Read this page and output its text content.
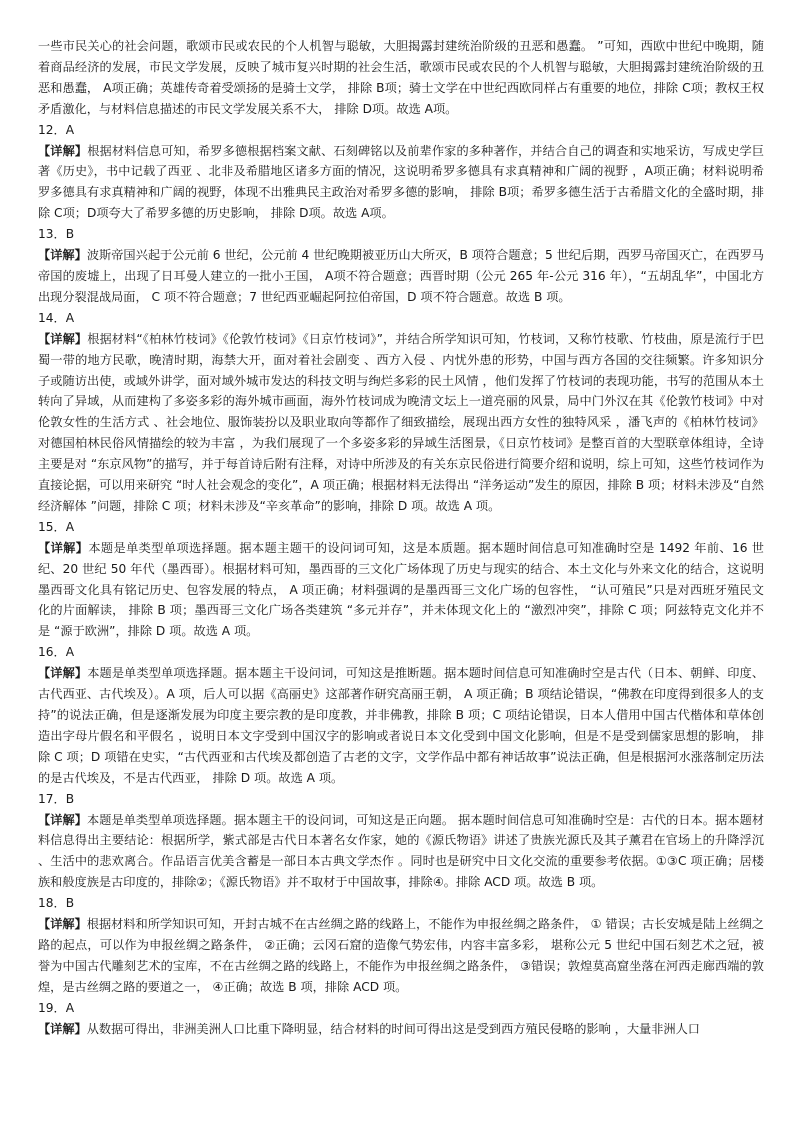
一些市民关心的社会问题，歌颂市民或农民的个人机智与聪敏，大胆揭露封建统治阶级的丑恶和愚蠢。 ”可知，西欧中世纪中晚期，随着商品经济的发展，市民文学发展，反映了城市复兴时期的社会生活，歌颂市民或农民的个人机智与聪敏，大胆揭露封建统治阶级的丑恶和愚蠢， A项正确；英雄传奇着受颂扬的是骑士文学， 排除 B项；骑士文学在中世纪西欧同样占有重要的地位，排除 C项；教权王权矛盾激化，与材料信息描述的市民文学发展关系不大， 排除 D项。故选 A项。

12．A

【详解】根据材料信息可知，希罗多德根据档案文献、石刻碑铭以及前辈作家的多种著作，并结合自己的调查和实地采访，写成史学巨著《历史》，书中记载了西亚 、北非及希腊地区诸多方面的情况，这说明希罗多德具有求真精神和广阔的视野 ，A项正确；材料说明希罗多德具有求真精神和广阔的视野，体现不出雅典民主政治对希罗多德的影响， 排除 B项；希罗多德生活于古希腊文化的全盛时期，排除 C项；D项夸大了希罗多德的历史影响， 排除 D项。故选 A项。

13．B

【详解】波斯帝国兴起于公元前 6 世纪，公元前 4 世纪晚期被亚历山大所灭，B 项符合题意；5 世纪后期，西罗马帝国灭亡，在西罗马帝国的废墟上，出现了日耳曼人建立的一批小王国， A项不符合题意；西晋时期（公元 265 年-公元 316 年），“五胡乱华”，中国北方出现分裂混战局面， C 项不符合题意；7 世纪西亚崛起阿拉伯帝国，D 项不符合题意。故选 B 项。

14．A

【详解】根据材料“《柏林竹枝词》《伦敦竹枝词》《日京竹枝词》”，并结合所学知识可知，竹枝词，又称竹枝歌、竹枝曲，原是流行于巴蜀一带的地方民歌，晚清时期，海禁大开，面对着社会剧变 、西方入侵 、内忧外患的形势，中国与西方各国的交往频繁。许多知识分子或随访出使，或域外讲学，面对域外城市发达的科技文明与绚烂多彩的民土风情 ，他们发挥了竹枝词的表现功能，书写的范围从本土转向了异域，从而建构了多姿多彩的海外城市画面，海外竹枝词成为晚清文坛上一道亮丽的风景，局中门外汉在其《伦敦竹枝词》中对伦敦女性的生活方式 、社会地位、服饰装扮以及职业取向等都作了细致描绘，展现出西方女性的独特风采 ，潘飞声的《柏林竹枝词》对德国柏林民俗风情描绘的较为丰富 ，为我们展现了一个多姿多彩的异域生活图景，《日京竹枝词》是整百首的大型联章体组诗，全诗主要是对 “东京风物”的描写，并于每首诗后附有注释，对诗中所涉及的有关东京民俗进行简要介绍和说明，综上可知，这些竹枝词作为直接论据，可以用来研究 “时人社会观念的变化”，A 项正确；根据材料无法得出 “洋务运动”发生的原因，排除 B 项；材料未涉及“自然经济解体 ”问题，排除 C 项；材料未涉及“辛亥革命”的影响，排除 D 项。故选 A 项。

15．A

【详解】本题是单类型单项选择题。据本题主题干的设问词可知，这是本质题。据本题时间信息可知准确时空是 1492 年前、16 世纪、20 世纪 50 年代（墨西哥）。根据材料可知，墨西哥的三文化广场体现了历史与现实的结合、本土文化与外来文化的结合，这说明墨西哥文化具有铭记历史、包容发展的特点， A 项正确；材料强调的是墨西哥三文化广场的包容性， “认可殖民”只是对西班牙殖民文化的片面解读， 排除 B 项；墨西哥三文化广场各类建筑 “多元并存”，并未体现文化上的 “激烈冲突”，排除 C 项；阿兹特克文化并不是 “源于欧洲”，排除 D 项。故选 A 项。

16．A

【详解】本题是单类型单项选择题。据本题主干设问词，可知这是推断题。据本题时间信息可知准确时空是古代（日本、朝鲜、印度、古代西亚、古代埃及）。A 项，后人可以据《高丽史》这部著作研究高丽王朝， A 项正确；B 项结论错误，“佛教在印度得到很多人的支持”的说法正确，但是逐渐发展为印度主要宗教的是印度教，并非佛教，排除 B 项；C 项结论错误，日本人借用中国古代楷体和草体创造出字母片假名和平假名 ，说明日本文字受到中国汉字的影响或者说日本文化受到中国文化影响，但是不是受到儒家思想的影响， 排除 C 项；D 项错在史实，“古代西亚和古代埃及都创造了古老的文字，文学作品中都有神话故事”说法正确，但是根据河水涨落制定历法的是古代埃及，不是古代西亚， 排除 D 项。故选 A 项。

17．B

【详解】本题是单类型单项选择题。据本题主干的设问词，可知这是正向题。 据本题时间信息可知准确时空是：古代的日本。据本题材料信息得出主要结论：根据所学，紫式部是古代日本著名女作家，她的《源氏物语》讲述了贵族光源氏及其子薰君在官场上的升降浮沉 、生活中的悲欢离合。作品语言优美含蓄是一部日本古典文学杰作 。同时也是研究中日文化交流的重要参考依据。①③C 项正确；居楼族和般度族是古印度的，排除②；《源氏物语》并不取材于中国故事，排除④。排除 ACD 项。故选 B 项。

18．B

【详解】根据材料和所学知识可知，开封古城不在古丝绸之路的线路上，不能作为申报丝绸之路条件， ① 错误；古长安城是陆上丝绸之路的起点，可以作为申报丝绸之路条件， ②正确；云冈石窟的造像气势宏伟，内容丰富多彩， 堪称公元 5 世纪中国石刻艺术之冠，被誉为中国古代雕刻艺术的宝库，不在古丝绸之路的线路上，不能作为申报丝绸之路条件， ③错误；敦煌莫高窟坐落在河西走廊西端的敦煌，是古丝绸之路的要道之一， ④正确；故选 B 项，排除 ACD 项。

19．A

【详解】从数据可得出，非洲美洲人口比重下降明显，结合材料的时间可得出这是受到西方殖民侵略的影响 ，大量非洲人口
